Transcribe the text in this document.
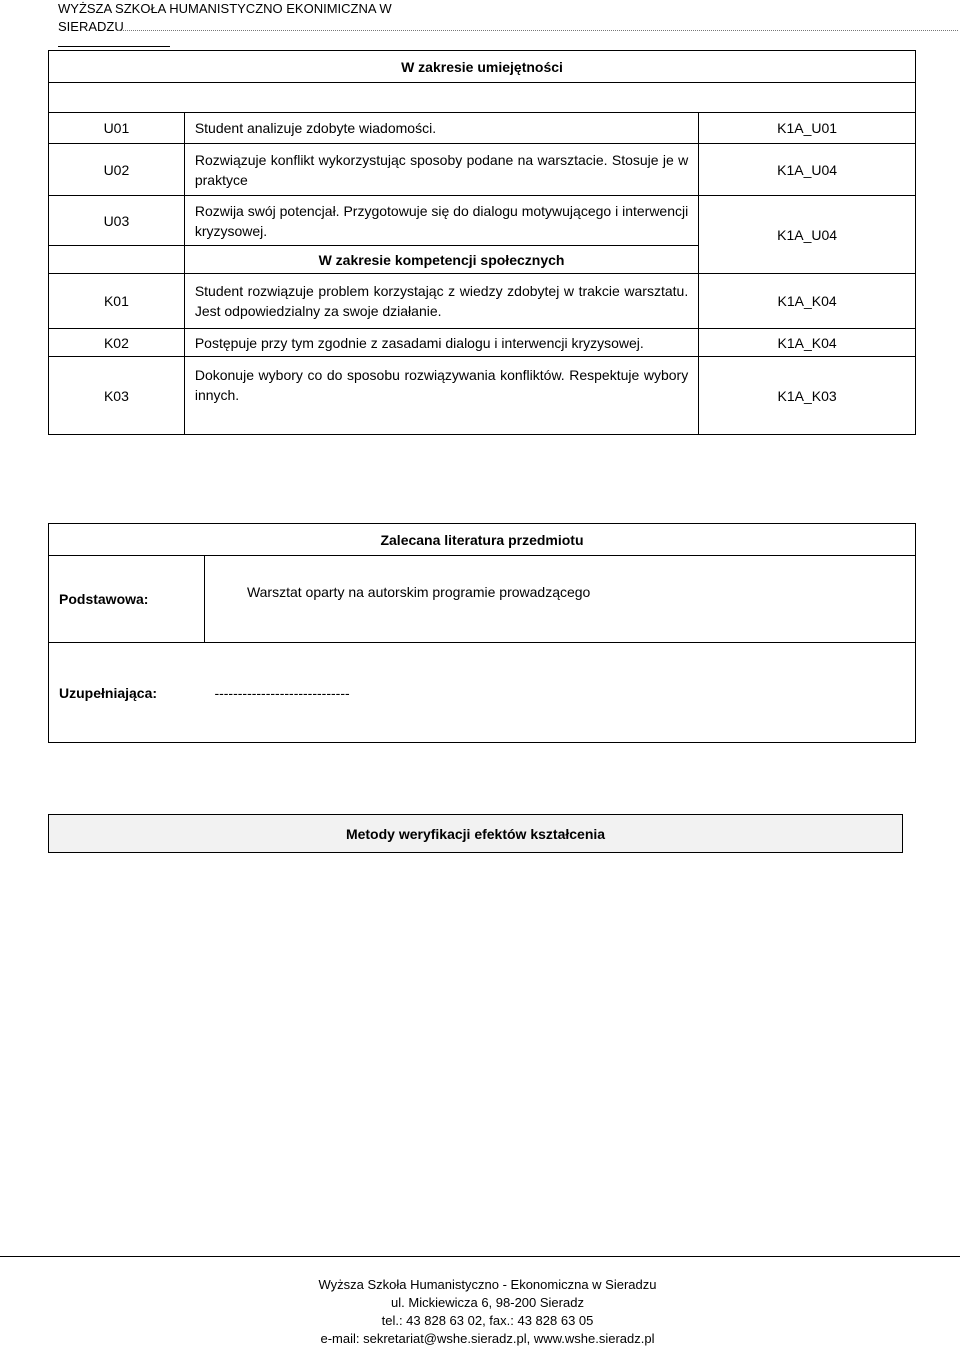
WYŻSZA SZKOŁA HUMANISTYCZNO EKONIMICZNA W
SIERADZU
W zakresie umiejętności		

U01	Student analizuje zdobyte wiadomości.	K1A_U01
U02	Rozwiązuje konflikt wykorzystując sposoby podane na warsztacie. Stosuje je w praktyce	K1A_U04
U03	Rozwija swój potencjał. Przygotowuje się do dialogu motywującego i interwencji kryzysowej.	K1A_U04
	W zakresie kompetencji społecznych	
K01	Student rozwiązuje problem korzystając z wiedzy zdobytej w trakcie warsztatu. Jest odpowiedzialny za swoje działanie.	K1A_K04
K02	Postępuje przy tym zgodnie z zasadami dialogu i interwencji kryzysowej.	K1A_K04
K03	Dokonuje wybory co do sposobu rozwiązywania konfliktów. Respektuje wybory innych.	K1A_K03
Zalecana literatura przedmiotu	
Podstawowa:	Warsztat oparty na autorskim programie prowadzącego
Uzupełniająca:	-----------------------------
Metody weryfikacji efektów kształcenia
Wyższa Szkoła Humanistyczno - Ekonomiczna w Sieradzu
ul. Mickiewicza 6, 98-200 Sieradz
tel.: 43 828 63 02, fax.: 43 828 63 05
e-mail: sekretariat@wshe.sieradz.pl, www.wshe.sieradz.pl
